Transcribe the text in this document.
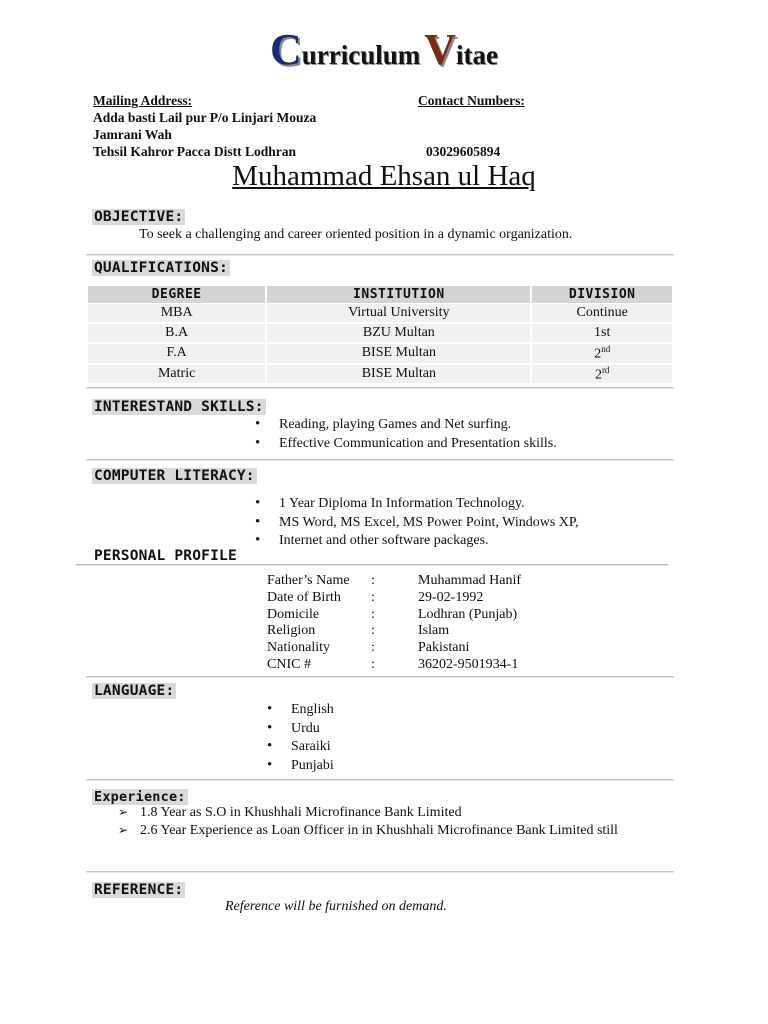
Curriculum Vitae
Mailing Address:
Adda basti Lail pur P/o Linjari Mouza
Jamrani Wah
Tehsil Kahror Pacca Distt Lodhran
Contact Numbers:
03029605894
Muhammad Ehsan ul Haq
OBJECTIVE:
To seek a challenging and career oriented position in a dynamic organization.
QUALIFICATIONS:
DEGREE	INSTITUTION	DIVISION
MBA	Virtual University	Continue
B.A	BZU Multan	1st
F.A	BISE Multan	2nd
Matric	BISE Multan	2rd
INTERESTAND SKILLS:
• Reading, playing Games and Net surfing.
• Effective Communication and Presentation skills.
COMPUTER LITERACY:
• 1 Year Diploma In Information Technology.
• MS Word, MS Excel, MS Power Point, Windows XP,
• Internet and other software packages.
PERSONAL PROFILE
Father’s Name :	Muhammad Hanif
Date of Birth :	29-02-1992
Domicile	:	Lodhran (Punjab)
Religion	:	Islam
Nationality	:	Pakistani
CNIC #	:	36202-9501934-1
LANGUAGE:
• English
• Urdu
• Saraiki
• Punjabi
Experience:
➢ 1.8 Year as S.O in Khushhali Microfinance Bank Limited
➢ 2.6 Year Experience as Loan Officer in in Khushhali Microfinance Bank Limited still
REFERENCE:
Reference will be furnished on demand.
